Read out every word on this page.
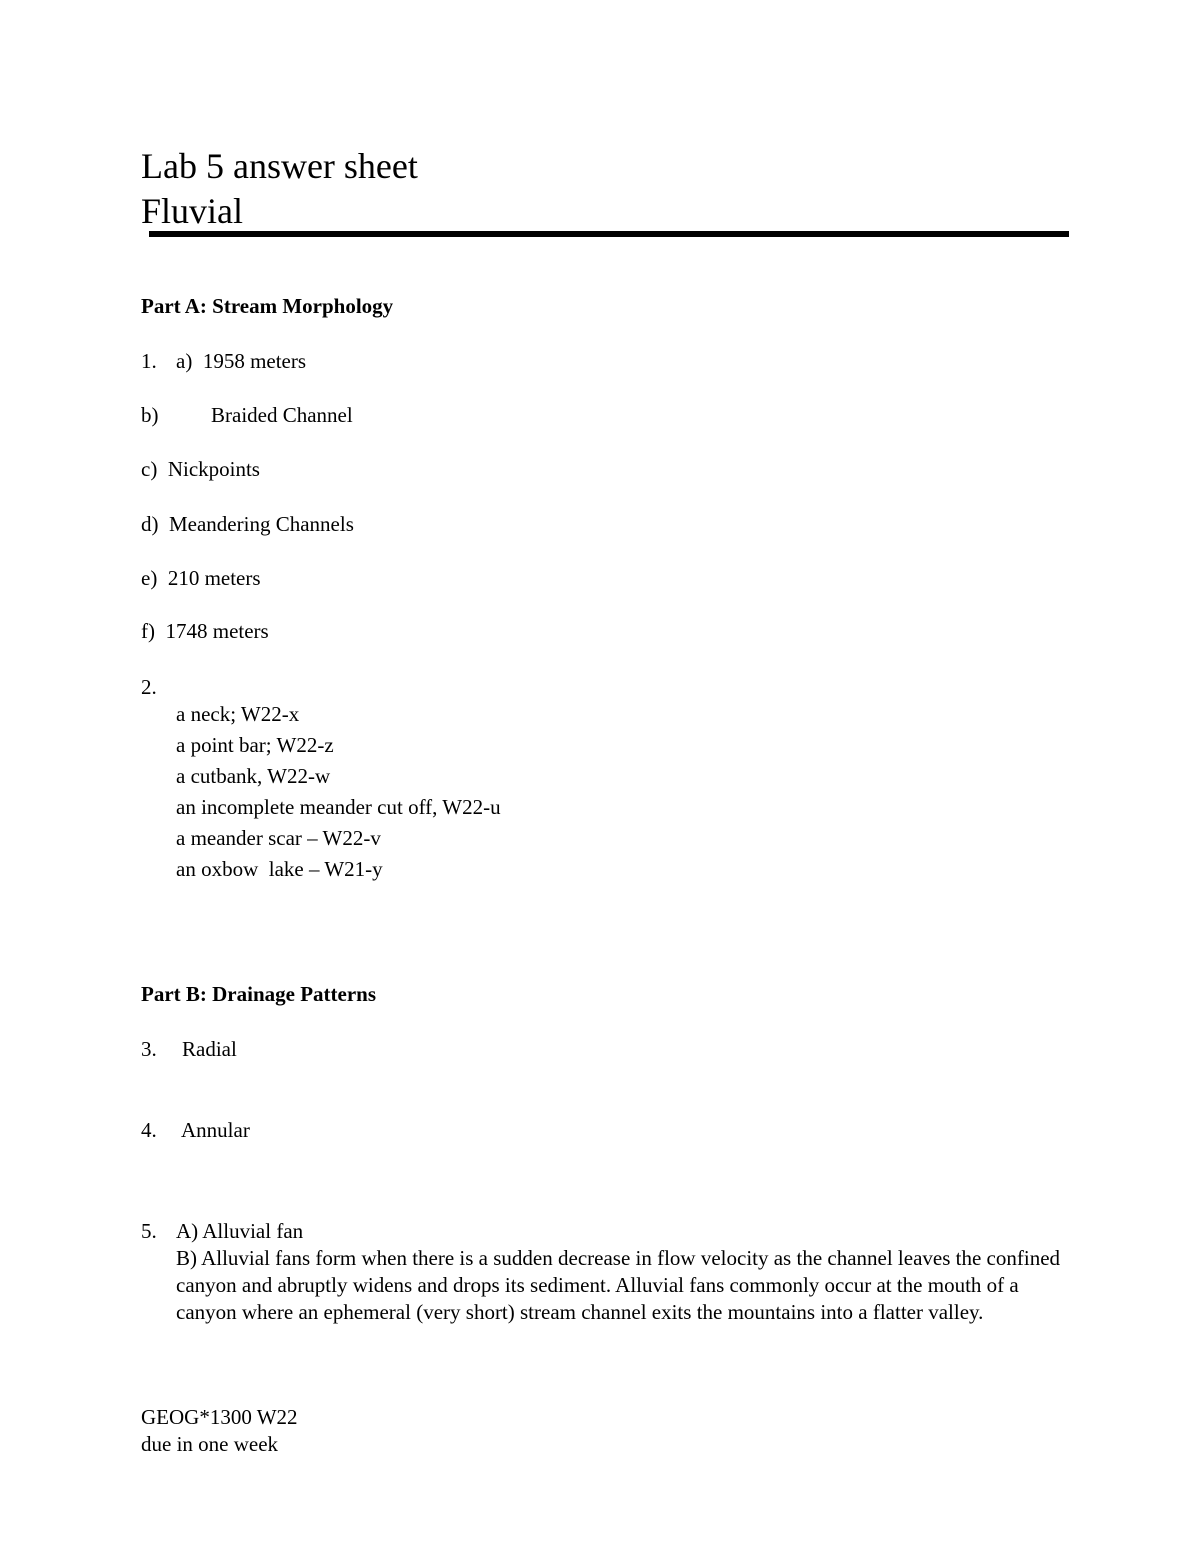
Lab 5 answer sheet
Fluvial
Part A: Stream Morphology
1. a)  1958 meters
b)	Braided Channel
c)  Nickpoints
d)  Meandering Channels
e)  210 meters
f)  1748 meters
2.
a neck; W22-x
a point bar; W22-z
a cutbank, W22-w
an incomplete meander cut off, W22-u
a meander scar – W22-v
an oxbow  lake – W21-y
Part B: Drainage Patterns
3. Radial
4. Annular
5. A) Alluvial fan
B) Alluvial fans form when there is a sudden decrease in flow velocity as the channel leaves the confined canyon and abruptly widens and drops its sediment. Alluvial fans commonly occur at the mouth of a canyon where an ephemeral (very short) stream channel exits the mountains into a flatter valley.
GEOG*1300 W22
due in one week
